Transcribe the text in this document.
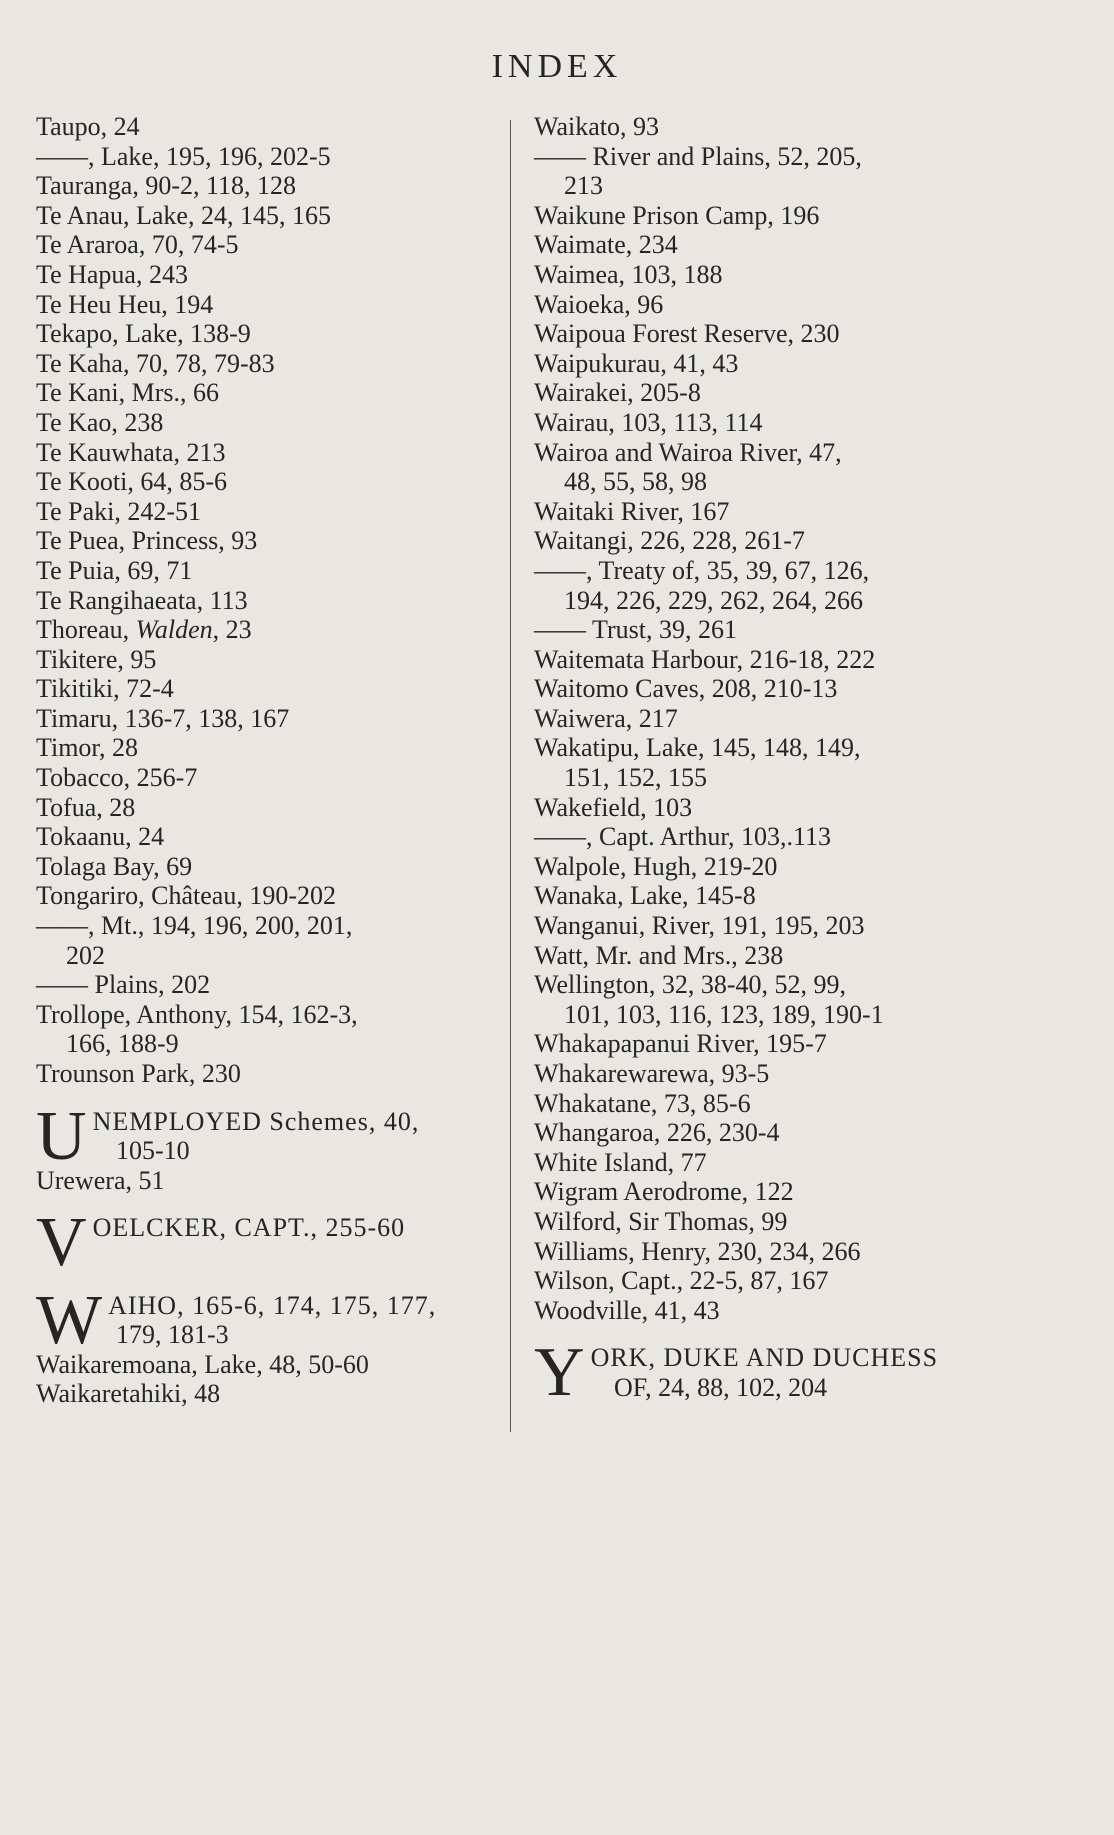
INDEX
Taupo, 24
——, Lake, 195, 196, 202-5
Tauranga, 90-2, 118, 128
Te Anau, Lake, 24, 145, 165
Te Araroa, 70, 74-5
Te Hapua, 243
Te Heu Heu, 194
Tekapo, Lake, 138-9
Te Kaha, 70, 78, 79-83
Te Kani, Mrs., 66
Te Kao, 238
Te Kauwhata, 213
Te Kooti, 64, 85-6
Te Paki, 242-51
Te Puea, Princess, 93
Te Puia, 69, 71
Te Rangihaeata, 113
Thoreau, Walden, 23
Tikitere, 95
Tikitiki, 72-4
Timaru, 136-7, 138, 167
Timor, 28
Tobacco, 256-7
Tofua, 28
Tokaanu, 24
Tolaga Bay, 69
Tongariro, Château, 190-202
——, Mt., 194, 196, 200, 201,
202
—— Plains, 202
Trollope, Anthony, 154, 162-3,
166, 188-9
Trounson Park, 230
UNEMPLOYED Schemes, 40,
105-10
Urewera, 51
VOELCKER, CAPT., 255-60

WAIHO, 165-6, 174, 175, 177,
179, 181-3
Waikaremoana, Lake, 48, 50-60
Waikaretahiki, 48
Waikato, 93
—— River and Plains, 52, 205,
213
Waikune Prison Camp, 196
Waimate, 234
Waimea, 103, 188
Waioeka, 96
Waipoua Forest Reserve, 230
Waipukurau, 41, 43
Wairakei, 205-8
Wairau, 103, 113, 114
Wairoa and Wairoa River, 47,
48, 55, 58, 98
Waitaki River, 167
Waitangi, 226, 228, 261-7
——, Treaty of, 35, 39, 67, 126,
194, 226, 229, 262, 264, 266
—— Trust, 39, 261
Waitemata Harbour, 216-18, 222
Waitomo Caves, 208, 210-13
Waiwera, 217
Wakatipu, Lake, 145, 148, 149,
151, 152, 155
Wakefield, 103
——, Capt. Arthur, 103,.113
Walpole, Hugh, 219-20
Wanaka, Lake, 145-8
Wanganui, River, 191, 195, 203
Watt, Mr. and Mrs., 238
Wellington, 32, 38-40, 52, 99,
101, 103, 116, 123, 189, 190-1
Whakapapanui River, 195-7
Whakarewarewa, 93-5
Whakatane, 73, 85-6
Whangaroa, 226, 230-4
White Island, 77
Wigram Aerodrome, 122
Wilford, Sir Thomas, 99
Williams, Henry, 230, 234, 266
Wilson, Capt., 22-5, 87, 167
Woodville, 41, 43
YORK, DUKE AND DUCHESS
OF, 24, 88, 102, 204
